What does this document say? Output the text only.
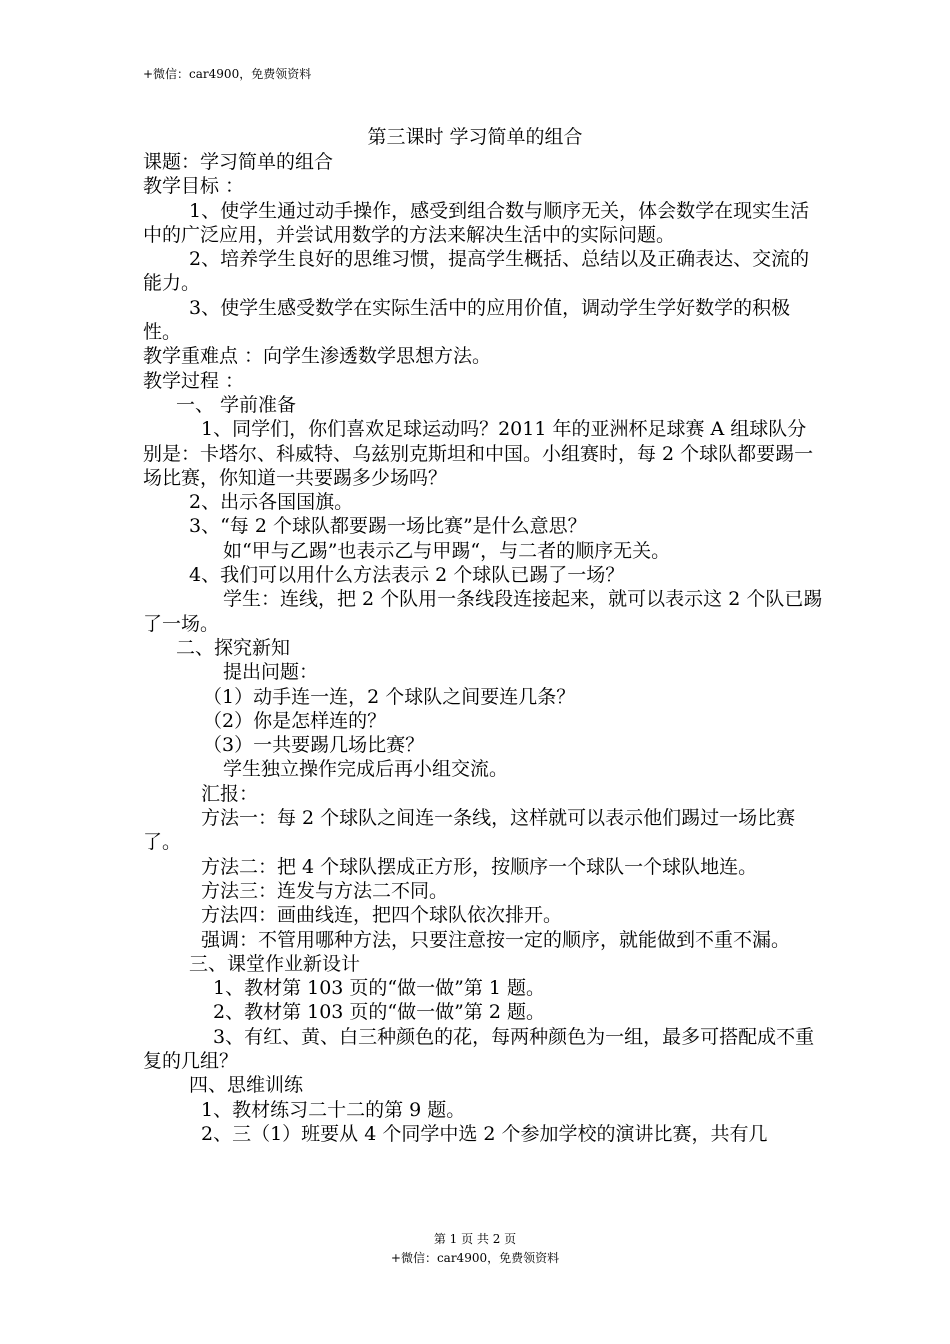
+微信：car4900，免费领资料
第三课时 学习简单的组合

课题：学习简单的组合

教学目标 ：

1、使学生通过动手操作，感受到组合数与顺序无关，体会数学在现实生活中的广泛应用，并尝试用数学的方法来解决生活中的实际问题。

2、培养学生良好的思维习惯，提高学生概括、总结以及正确表达、交流的能力。

3、使学生感受数学在实际生活中的应用价值，调动学生学好数学的积极性。

教学重难点 ：向学生渗透数学思想方法。

教学过程 ：

一、 学前准备

1、同学们，你们喜欢足球运动吗？2011 年的亚洲杯足球赛 A 组球队分别是：卡塔尔、科威特、乌兹别克斯坦和中国。小组赛时，每 2 个球队都要踢一场比赛，你知道一共要踢多少场吗？

2、出示各国国旗。

3、“每 2 个球队都要踢一场比赛”是什么意思？

如“甲与乙踢”也表示乙与甲踢“，与二者的顺序无关。

4、我们可以用什么方法表示 2 个球队已踢了一场？

学生：连线，把 2 个队用一条线段连接起来，就可以表示这 2 个队已踢了一场。

二、探究新知

提出问题：

（1）动手连一连，2 个球队之间要连几条？

（2）你是怎样连的？

（3）一共要踢几场比赛？

学生独立操作完成后再小组交流。

汇报：

方法一：每 2 个球队之间连一条线，这样就可以表示他们踢过一场比赛了。

方法二：把 4 个球队摆成正方形，按顺序一个球队一个球队地连。

方法三：连发与方法二不同。

方法四：画曲线连，把四个球队依次排开。

强调：不管用哪种方法，只要注意按一定的顺序，就能做到不重不漏。

三、课堂作业新设计

1、教材第 103 页的“做一做”第 1 题。

2、教材第 103 页的“做一做”第 2 题。

3、有红、黄、白三种颜色的花，每两种颜色为一组，最多可搭配成不重复的几组？

四、思维训练

1、教材练习二十二的第 9 题。

2、三（1）班要从 4 个同学中选 2 个参加学校的演讲比赛，共有几

第 1 页 共 2 页
+微信：car4900，免费领资料
